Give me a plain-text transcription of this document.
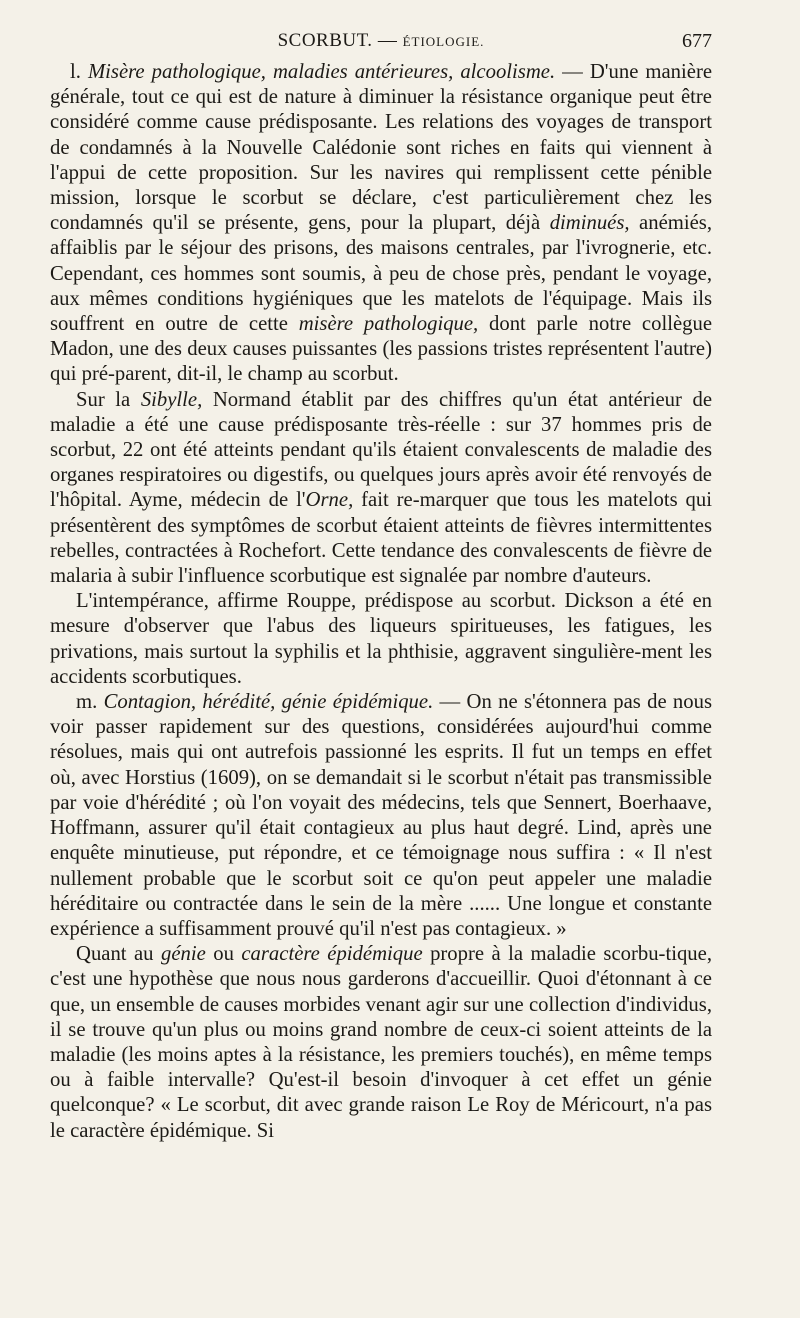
SCORBUT. — ÉTIOLOGIE.	677

l. Misère pathologique, maladies antérieures, alcoolisme. — D'une manière générale, tout ce qui est de nature à diminuer la résistance organique peut être considéré comme cause prédisposante. Les relations des voyages de transport de condamnés à la Nouvelle Calédonie sont riches en faits qui viennent à l'appui de cette proposition. Sur les navires qui remplissent cette pénible mission, lorsque le scorbut se déclare, c'est particulièrement chez les condamnés qu'il se présente, gens, pour la plupart, déjà diminués, anémiés, affaiblis par le séjour des prisons, des maisons centrales, par l'ivrognerie, etc. Cependant, ces hommes sont soumis, à peu de chose près, pendant le voyage, aux mêmes conditions hygiéniques que les matelots de l'équipage. Mais ils souffrent en outre de cette misère pathologique, dont parle notre collègue Madon, une des deux causes puissantes (les passions tristes représentent l'autre) qui pré-parent, dit-il, le champ au scorbut.

Sur la Sibylle, Normand établit par des chiffres qu'un état antérieur de maladie a été une cause prédisposante très-réelle : sur 37 hommes pris de scorbut, 22 ont été atteints pendant qu'ils étaient convalescents de maladie des organes respiratoires ou digestifs, ou quelques jours après avoir été renvoyés de l'hôpital. Ayme, médecin de l'Orne, fait re-marquer que tous les matelots qui présentèrent des symptômes de scorbut étaient atteints de fièvres intermittentes rebelles, contractées à Rochefort. Cette tendance des convalescents de fièvre de malaria à subir l'influence scorbutique est signalée par nombre d'auteurs.

L'intempérance, affirme Rouppe, prédispose au scorbut. Dickson a été en mesure d'observer que l'abus des liqueurs spiritueuses, les fatigues, les privations, mais surtout la syphilis et la phthisie, aggravent singulière-ment les accidents scorbutiques.

m. Contagion, hérédité, génie épidémique. — On ne s'étonnera pas de nous voir passer rapidement sur des questions, considérées aujourd'hui comme résolues, mais qui ont autrefois passionné les esprits. Il fut un temps en effet où, avec Horstius (1609), on se demandait si le scorbut n'était pas transmissible par voie d'hérédité ; où l'on voyait des médecins, tels que Sennert, Boerhaave, Hoffmann, assurer qu'il était contagieux au plus haut degré. Lind, après une enquête minutieuse, put répondre, et ce témoignage nous suffira : « Il n'est nullement probable que le scorbut soit ce qu'on peut appeler une maladie héréditaire ou contractée dans le sein de la mère ...... Une longue et constante expérience a suffisamment prouvé qu'il n'est pas contagieux. »

Quant au génie ou caractère épidémique propre à la maladie scorbu-tique, c'est une hypothèse que nous nous garderons d'accueillir. Quoi d'étonnant à ce que, un ensemble de causes morbides venant agir sur une collection d'individus, il se trouve qu'un plus ou moins grand nombre de ceux-ci soient atteints de la maladie (les moins aptes à la résistance, les premiers touchés), en même temps ou à faible intervalle? Qu'est-il besoin d'invoquer à cet effet un génie quelconque? « Le scorbut, dit avec grande raison Le Roy de Méricourt, n'a pas le caractère épidémique. Si
